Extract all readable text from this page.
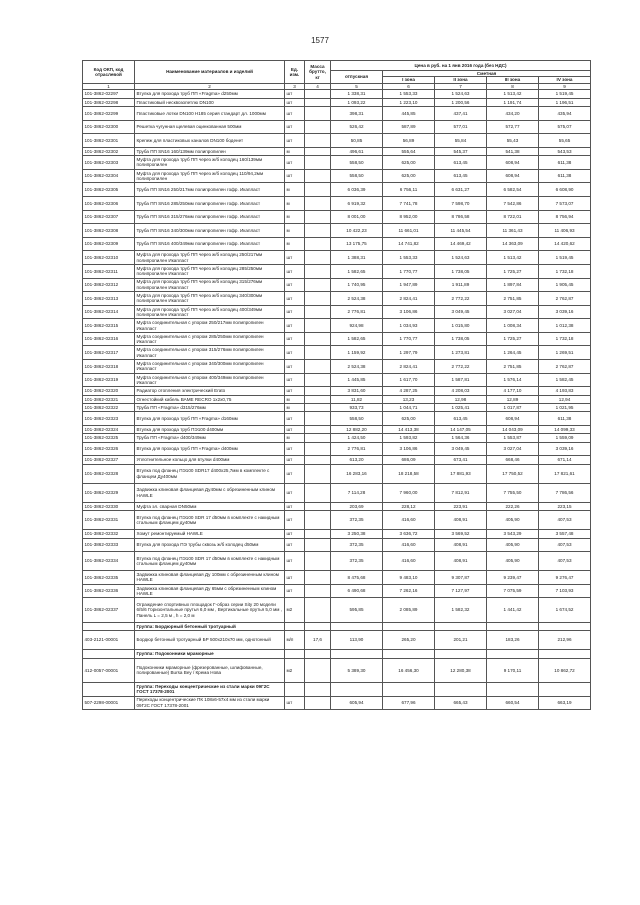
1577
Код ОКП, код отраслевой	Наименование материалов и изделий	Ед. изм.	Масса брутто, кг	Цена в руб. на 1 янв 2016 года (без НДС)				
				отпускная	Сметная			
					I зона	II зона	III зона	IV зона
1	2	3	4	5	6	7	8	9
101-3862-02297	Втулка для прохода труб ПП «Fragma» d250мм	шт		1 338,31	1 553,33	1 524,63	1 513,42	1 519,45
101-3862-02298	Пластиковый несквозопетлю DN100	шт		1 093,22	1 223,10	1 200,56	1 191,74	1 196,51
101-3862-02299	Пластиковые лотки DN100 H185 серия стандарт дл. 1000мм	шт		398,31	445,85	437,41	434,20	435,94
101-3862-02300	Решетка чугунная щелевая оцинкованная 500мм	шт		526,42	587,89	577,01	572,77	575,07
101-3862-02301	Крепеж для пластиковых каналов DN100 боденет	шт		50,85	56,89	55,84	55,43	55,65
101-3862-02302	Труба ПП SN16 160/139мм полипропилен	м		496,61	555,64	545,37	541,38	543,53
101-3862-02303	Муфта для прохода труб ПП через ж/б колодец 160/139мм полипропилен	шт		558,50	625,00	613,45	608,94	611,38
101-3862-02304	Муфта для прохода труб ПП через ж/б колодец 110/94,2мм полипропилен	шт		558,50	625,00	613,45	608,94	611,38
101-3862-02305	Труба ПП SN16 250/217мм полипропилен гофр. Икапласт	м		6 036,39	6 756,11	6 631,27	6 582,54	6 608,90
101-3862-02306	Труба ПП SN16 285/250мм полипропилен гофр. Икапласт	м		6 919,32	7 741,78	7 598,70	7 542,86	7 573,07
101-3862-02307	Труба ПП SN16 315/276мм полипропилен гофр. Икапласт	м		8 001,00	8 952,00	8 786,58	8 722,01	8 756,94
101-3862-02308	Труба ПП SN16 340/300мм полипропилен гофр. Икапласт	м		10 422,23	11 661,01	11 445,54	11 361,43	11 406,93
101-3862-02309	Труба ПП SN16 400/349мм полипропилен гофр. Икапласт	м		13 175,75	14 741,82	14 469,42	14 363,09	14 420,62
101-3862-02310	Муфта для прохода труб ПП через ж/б колодец 250/217мм полипропилен Икапласт	шт		1 388,31	1 553,33	1 524,63	1 513,42	1 519,45
101-3862-02311	Муфта для прохода труб ПП через ж/б колодец 285/250мм полипропилен Икапласт	шт		1 582,65	1 770,77	1 738,05	1 725,27	1 732,18
101-3862-02312	Муфта для прохода труб ПП через ж/б колодец 315/276мм полипропилен Икапласт	шт		1 740,95	1 947,89	1 911,89	1 897,84	1 905,45
101-3862-02313	Муфта для прохода труб ПП через ж/б колодец 340/300мм полипропилен Икапласт	шт		2 524,38	2 824,41	2 772,22	2 751,85	2 762,87
101-3862-02314	Муфта для прохода труб ПП через ж/б колодец 400/349мм полипропилен Икапласт	шт		2 776,81	3 106,86	3 049,45	3 027,04	3 039,16
101-3862-02315	Муфта соединительная с упором 250/217мм полипропилен Икапласт	шт		924,98	1 034,93	1 015,80	1 008,34	1 012,38
101-3862-02316	Муфта соединительная с упором 285/250мм полипропилен Икапласт	шт		1 582,65	1 770,77	1 738,05	1 725,27	1 732,18
101-3862-02317	Муфта соединительная с упором 315/276мм полипропилен Икапласт	шт		1 159,92	1 297,79	1 273,81	1 264,45	1 269,51
101-3862-02318	Муфта соединительная с упором 340/300мм полипропилен Икапласт	шт		2 524,38	2 824,41	2 772,22	2 751,85	2 762,87
101-3862-02319	Муфта соединительная с упором 400/349мм полипропилен Икапласт	шт		1 445,85	1 617,70	1 587,81	1 576,14	1 582,45
101-3862-02320	Радиатор отопления электрический Erato	шт		3 831,60	4 287,25	4 208,03	4 177,10	4 193,83
101-3862-02321	Огнестойкий кабель ВАМЕ RECRO 1х2х0,75	м		11,82	13,23	12,98	12,89	12,94
101-3862-02322	Труба ПП «Fragma» d315/276мм	м		933,73	1 044,71	1 025,41	1 017,87	1 021,95
101-3862-02323	Втулка для прохода труб ПП «Fragma» d160мм	шт		558,50	625,00	613,45	608,94	611,38
101-3862-02324	Втулка для прохода труб ПЭ100 d400мм	шт		12 882,20	14 413,38	14 147,05	14 043,09	14 099,33
101-3862-02325	Труба ПП «Fragma» d400/349мм	м		1 424,50	1 593,82	1 564,36	1 553,87	1 559,09
101-3862-02326	Втулка для прохода труб ПП «Fragma» d400мм	шт		2 776,81	3 106,86	3 049,45	3 027,04	3 039,16
101-3862-02327	Уплотнительное кольцо для втулки d400мм	шт		613,20	686,09	673,41	668,46	671,14
101-3862-02328	Втулка под фланец ПЭ100 SDR17 d400х25,7мм в комплекте с фланцем Ду400мм	шт		16 283,16	18 218,58	17 881,93	17 750,52	17 821,61
101-3862-02329	Задвижка клиновая фланцевая Ду40мм с обрезиненным клином HAWLE	шт		7 114,28	7 960,00	7 812,91	7 755,50	7 786,56
101-3862-02330	Муфта эл. сварная DN50мм	шт		203,69	228,12	223,91	222,26	223,15
101-3862-02331	Втулка под фланец ПЭ100 SDR 17 d50мм в комплекте с накидным стальным фланцем ду40мм	шт		372,35	416,60	408,91	405,90	407,53
101-3862-02332	Хомут ремонтируемый HAWLE	шт		3 250,38	3 636,72	3 569,52	3 543,29	3 557,48
101-3862-02333	Втулка для прохода ПЭ трубы сквозь ж/б колодец d50мм	шт		372,35	416,60	408,91	405,90	407,53
101-3862-02334	Втулка под фланец ПЭ100 SDR 17 d50мм в комплекте с накидным стальным фланцем ду40мм	шт		372,35	416,60	408,91	405,90	407,53
101-3862-02335	Задвижка клиновая фланцевая Ду 100мм с обрезиненным клином HAWLE	шт		8 475,68	9 483,10	9 307,87	9 239,47	9 276,47
101-3862-02336	Задвижка клиновая фланцевая Ду 65мм с обрезиненным клином HAWLE	шт		6 490,68	7 262,16	7 127,97	7 075,59	7 103,93
101-3862-02337	Ограждение спортивных площадок Г-образ серии Sity 20 модели 6/5/6 Горизонтальные прутья 6,0 мм , Вертикальные прутья 5,0 мм , Панель L = 2,5 м , h = 2,0 м	м2		595,85	2 085,89	1 582,32	1 441,42	1 674,52
	Группа: Бордюрный бетонный тротуарный							
403-2121-00001	Бордюр бетонный тротуарный БР 500х210х70 мм, однотонный	м/п	17,6	113,90	265,20	201,21	183,26	212,96
	Группа: Подоконники мраморные							
412-0057-00001	Подоконники мраморные (фрезерованные, шлифованные, полированные) Bursa Bey / Крема Нова	м2		5 389,30	16 456,30	12 280,38	9 170,11	10 862,72
	Группа: Переходы концентрические из стали марки 09Г2С ГОСТ 17378-2001							
507-2298-00001	Переходы концентрические ПК 108х6-57х4 мм из стали марки 09Г2С ГОСТ 17378-2001	шт		605,94	677,96	665,43	660,54	663,19
